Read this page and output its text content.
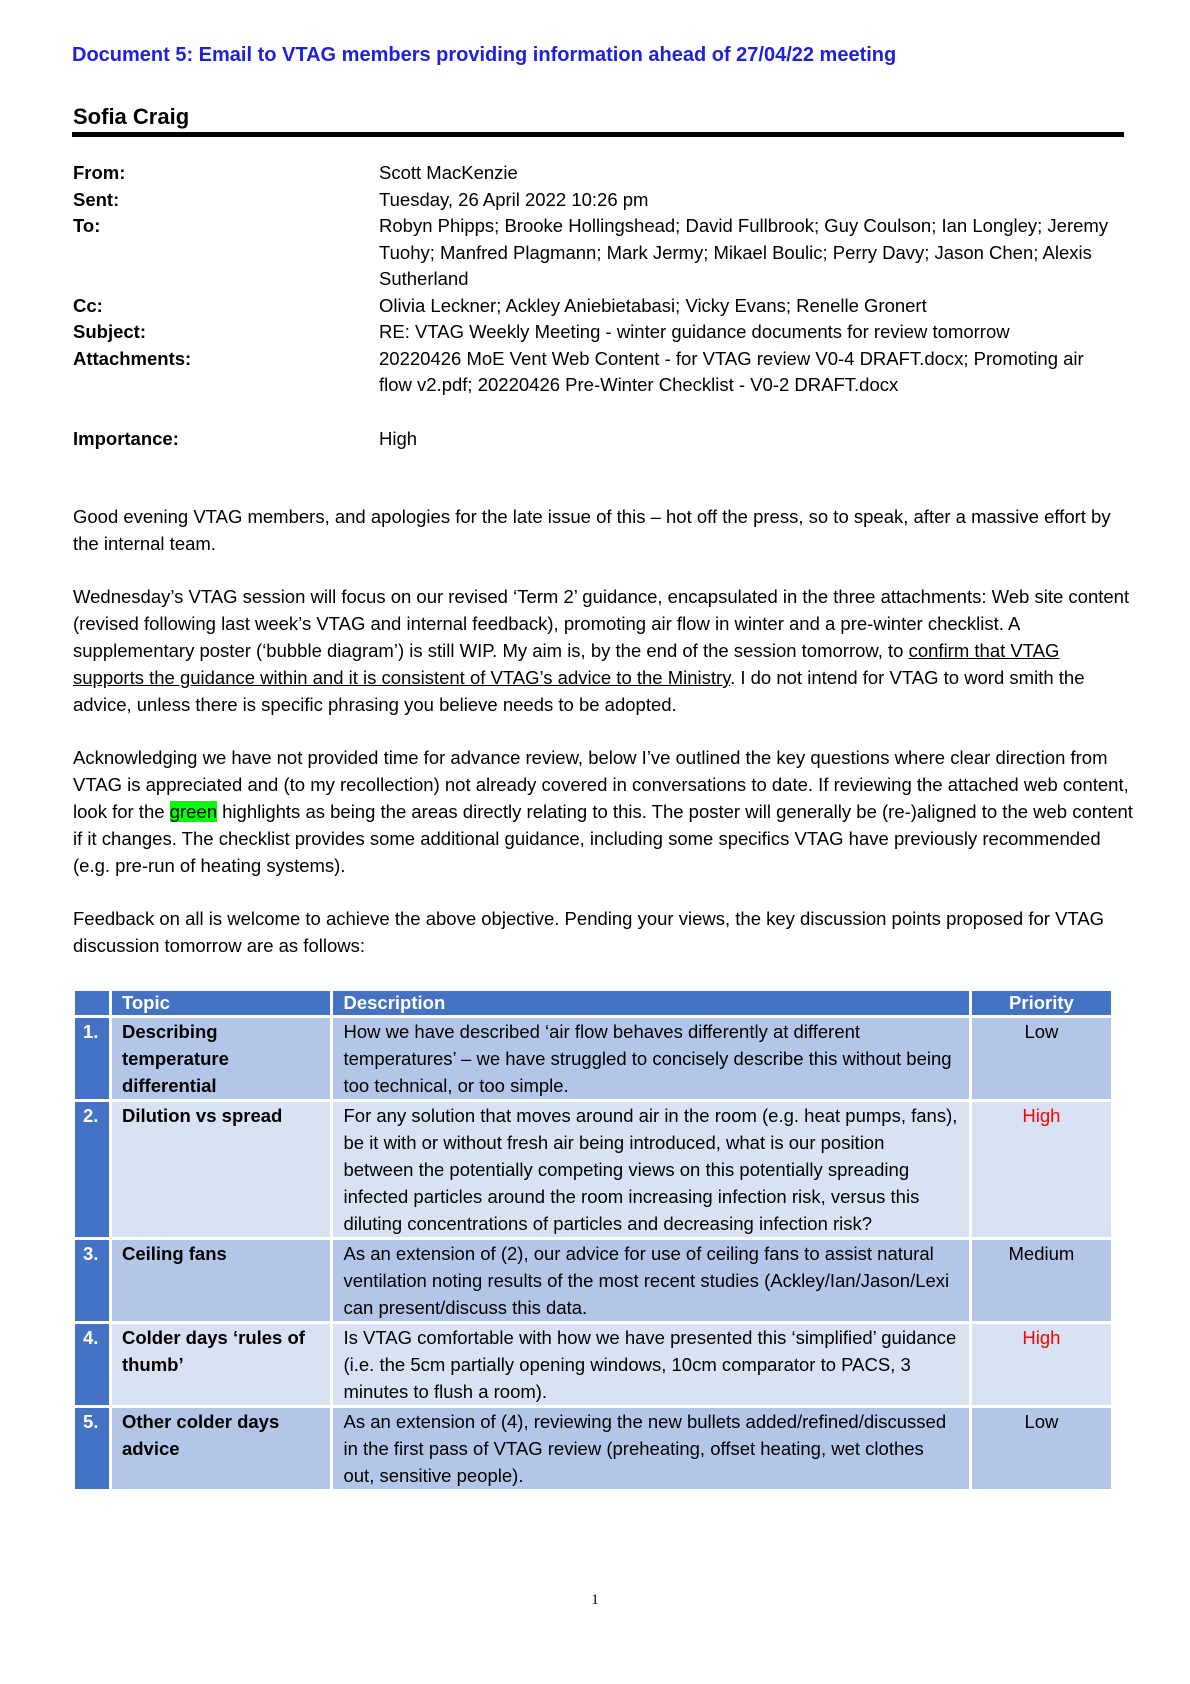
Document 5: Email to VTAG members providing information ahead of 27/04/22 meeting
Sofia Craig
From:	Scott MacKenzie
Sent:	Tuesday, 26 April 2022 10:26 pm
To:	Robyn Phipps; Brooke Hollingshead; David Fullbrook; Guy Coulson; Ian Longley; Jeremy Tuohy; Manfred Plagmann; Mark Jermy; Mikael Boulic; Perry Davy; Jason Chen; Alexis Sutherland
Cc:	Olivia Leckner; Ackley Aniebietabasi; Vicky Evans; Renelle Gronert
Subject:	RE: VTAG Weekly Meeting - winter guidance documents for review tomorrow
Attachments:	20220426 MoE Vent Web Content - for VTAG review V0-4 DRAFT.docx; Promoting air flow v2.pdf; 20220426 Pre-Winter Checklist - V0-2 DRAFT.docx
Importance:	High

Good evening VTAG members, and apologies for the late issue of this – hot off the press, so to speak, after a massive effort by the internal team.

Wednesday’s VTAG session will focus on our revised ‘Term 2’ guidance, encapsulated in the three attachments: Web site content (revised following last week’s VTAG and internal feedback), promoting air flow in winter and a pre-winter checklist. A supplementary poster (‘bubble diagram’) is still WIP. My aim is, by the end of the session tomorrow, to confirm that VTAG supports the guidance within and it is consistent of VTAG’s advice to the Ministry. I do not intend for VTAG to word smith the advice, unless there is specific phrasing you believe needs to be adopted.

Acknowledging we have not provided time for advance review, below I’ve outlined the key questions where clear direction from VTAG is appreciated and (to my recollection) not already covered in conversations to date. If reviewing the attached web content, look for the green highlights as being the areas directly relating to this. The poster will generally be (re-)aligned to the web content if it changes. The checklist provides some additional guidance, including some specifics VTAG have previously recommended (e.g. pre-run of heating systems).

Feedback on all is welcome to achieve the above objective. Pending your views, the key discussion points proposed for VTAG discussion tomorrow are as follows:

	Topic	Description	Priority
1.	Describing temperature differential	How we have described ‘air flow behaves differently at different temperatures’ – we have struggled to concisely describe this without being too technical, or too simple.	Low
2.	Dilution vs spread	For any solution that moves around air in the room (e.g. heat pumps, fans), be it with or without fresh air being introduced, what is our position between the potentially competing views on this potentially spreading infected particles around the room increasing infection risk, versus this diluting concentrations of particles and decreasing infection risk?	High
3.	Ceiling fans	As an extension of (2), our advice for use of ceiling fans to assist natural ventilation noting results of the most recent studies (Ackley/Ian/Jason/Lexi can present/discuss this data.	Medium
4.	Colder days ‘rules of thumb’	Is VTAG comfortable with how we have presented this ‘simplified’ guidance (i.e. the 5cm partially opening windows, 10cm comparator to PACS, 3 minutes to flush a room).	High
5.	Other colder days advice	As an extension of (4), reviewing the new bullets added/refined/discussed in the first pass of VTAG review (preheating, offset heating, wet clothes out, sensitive people).	Low
1
